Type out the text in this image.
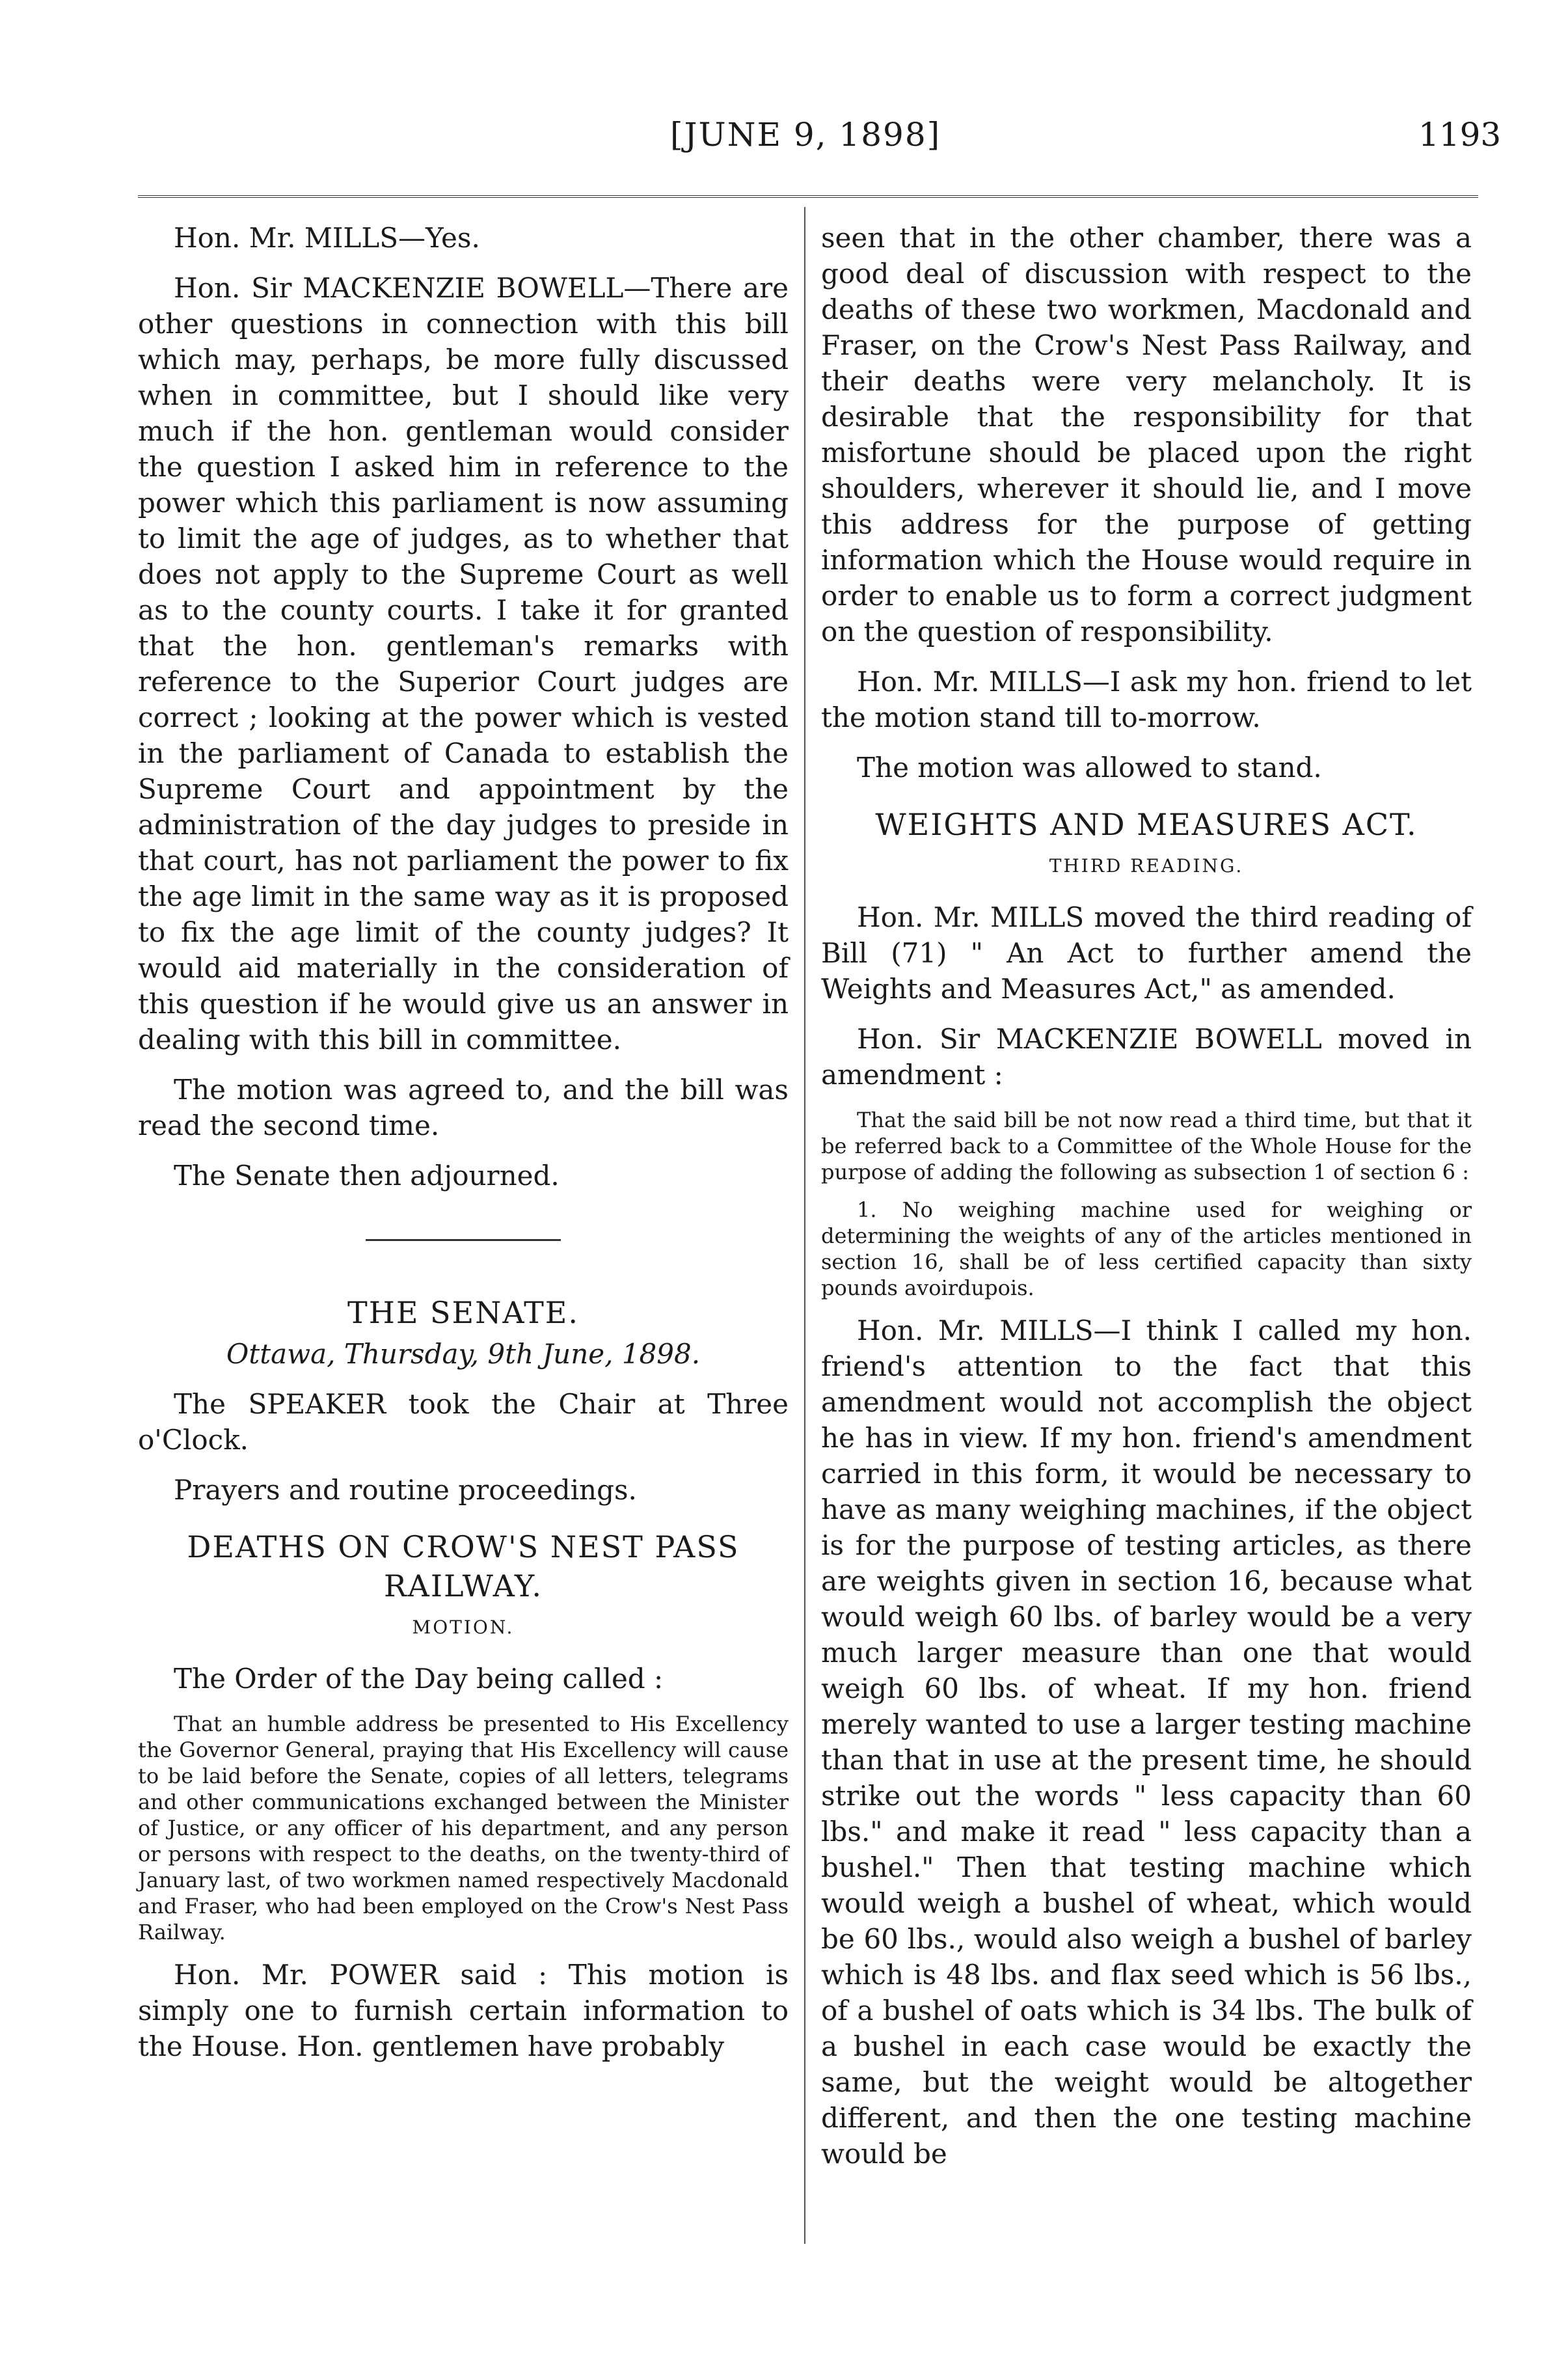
[JUNE 9, 1898]	1193

Hon. Mr. MILLS—Yes.

Hon. Sir MACKENZIE BOWELL—There are other questions in connection with this bill which may, perhaps, be more fully discussed when in committee, but I should like very much if the hon. gentleman would consider the question I asked him in reference to the power which this parliament is now assuming to limit the age of judges, as to whether that does not apply to the Supreme Court as well as to the county courts. I take it for granted that the hon. gentleman's remarks with reference to the Superior Court judges are correct ; looking at the power which is vested in the parliament of Canada to establish the Supreme Court and appointment by the administration of the day judges to preside in that court, has not parliament the power to fix the age limit in the same way as it is proposed to fix the age limit of the county judges? It would aid materially in the consideration of this question if he would give us an answer in dealing with this bill in committee.

The motion was agreed to, and the bill was read the second time.

The Senate then adjourned.

THE SENATE.

Ottawa, Thursday, 9th June, 1898.

The SPEAKER took the Chair at Three o'Clock.

Prayers and routine proceedings.

DEATHS ON CROW'S NEST PASS RAILWAY.

MOTION.

The Order of the Day being called :

That an humble address be presented to His Excellency the Governor General, praying that His Excellency will cause to be laid before the Senate, copies of all letters, telegrams and other communications exchanged between the Minister of Justice, or any officer of his department, and any person or persons with respect to the deaths, on the twenty-third of January last, of two workmen named respectively Macdonald and Fraser, who had been employed on the Crow's Nest Pass Railway.

Hon. Mr. POWER said : This motion is simply one to furnish certain information to the House. Hon. gentlemen have probably

seen that in the other chamber, there was a good deal of discussion with respect to the deaths of these two workmen, Macdonald and Fraser, on the Crow's Nest Pass Railway, and their deaths were very melancholy. It is desirable that the responsibility for that misfortune should be placed upon the right shoulders, wherever it should lie, and I move this address for the purpose of getting information which the House would require in order to enable us to form a correct judgment on the question of responsibility.

Hon. Mr. MILLS—I ask my hon. friend to let the motion stand till to-morrow.

The motion was allowed to stand.

WEIGHTS AND MEASURES ACT.

THIRD READING.

Hon. Mr. MILLS moved the third reading of Bill (71) " An Act to further amend the Weights and Measures Act," as amended.

Hon. Sir MACKENZIE BOWELL moved in amendment :

That the said bill be not now read a third time, but that it be referred back to a Committee of the Whole House for the purpose of adding the following as subsection 1 of section 6 :

1. No weighing machine used for weighing or determining the weights of any of the articles mentioned in section 16, shall be of less certified capacity than sixty pounds avoirdupois.

Hon. Mr. MILLS—I think I called my hon. friend's attention to the fact that this amendment would not accomplish the object he has in view. If my hon. friend's amendment carried in this form, it would be necessary to have as many weighing machines, if the object is for the purpose of testing articles, as there are weights given in section 16, because what would weigh 60 lbs. of barley would be a very much larger measure than one that would weigh 60 lbs. of wheat. If my hon. friend merely wanted to use a larger testing machine than that in use at the present time, he should strike out the words " less capacity than 60 lbs." and make it read " less capacity than a bushel." Then that testing machine which would weigh a bushel of wheat, which would be 60 lbs., would also weigh a bushel of barley which is 48 lbs. and flax seed which is 56 lbs., of a bushel of oats which is 34 lbs. The bulk of a bushel in each case would be exactly the same, but the weight would be altogether different, and then the one testing machine would be
